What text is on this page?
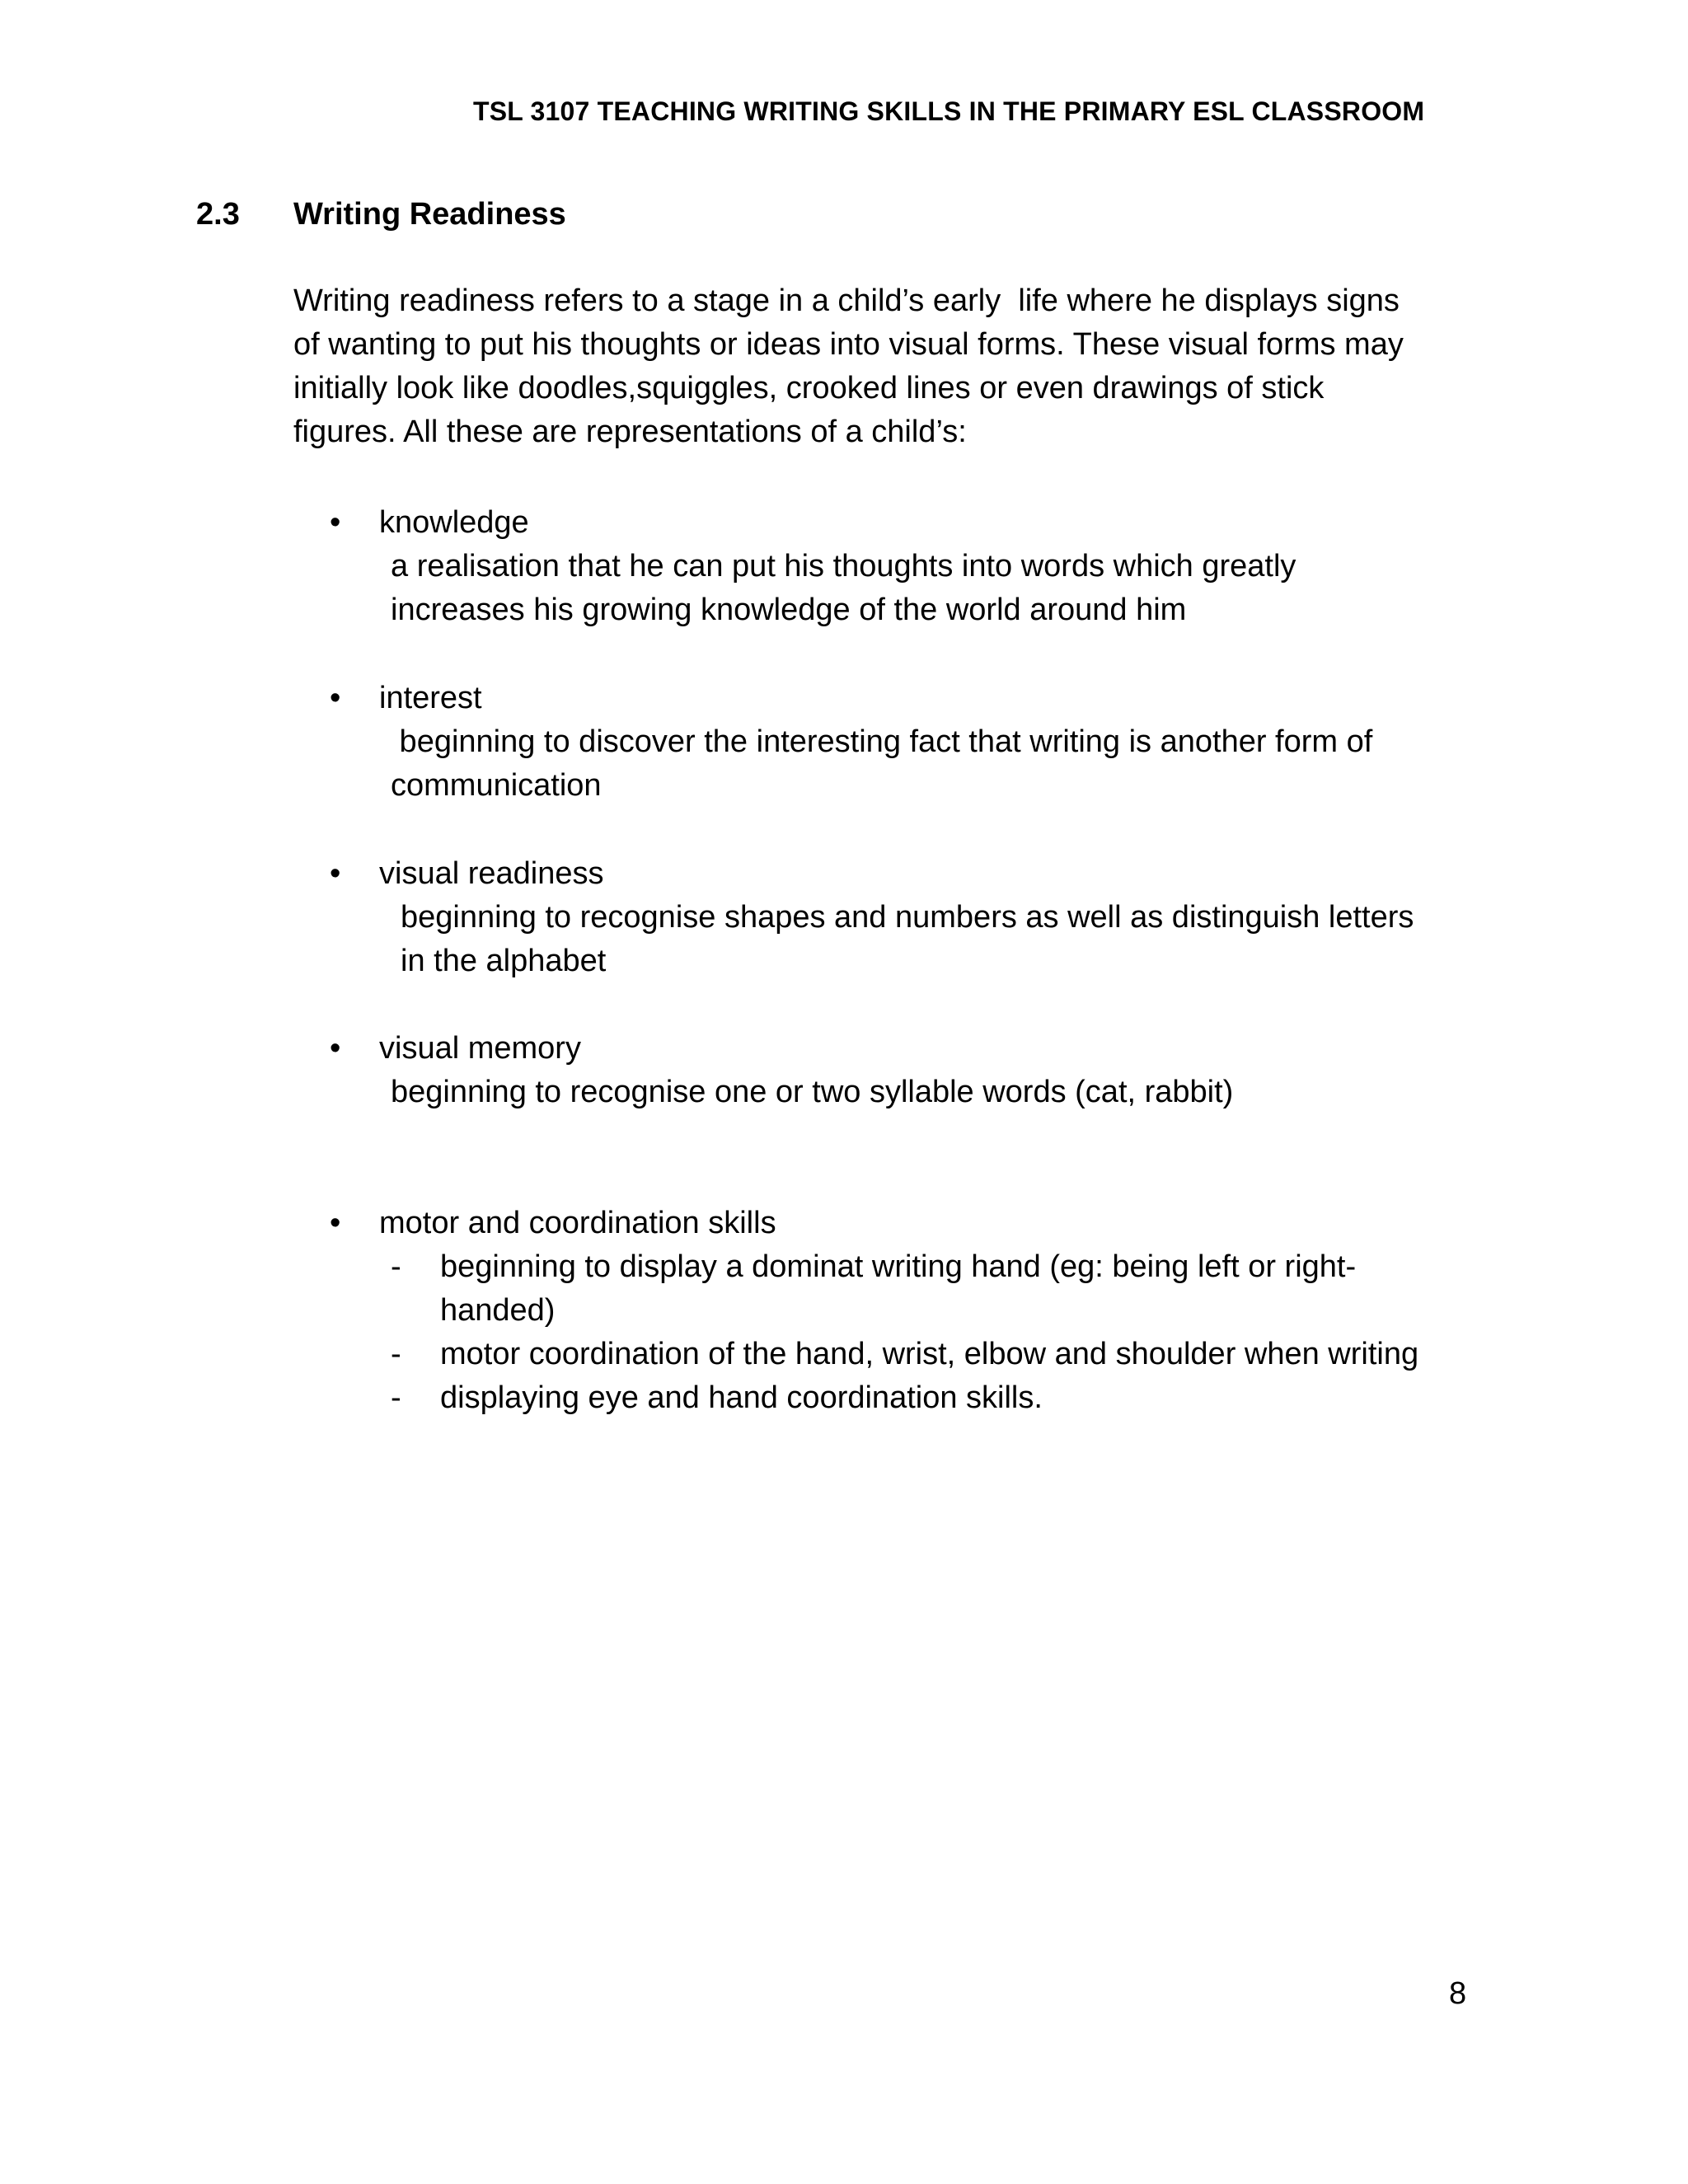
TSL 3107 TEACHING WRITING SKILLS IN THE PRIMARY ESL CLASSROOM
2.3 Writing Readiness
Writing readiness refers to a stage in a child’s early  life where he displays signs
of wanting to put his thoughts or ideas into visual forms. These visual forms may
initially look like doodles,squiggles, crooked lines or even drawings of stick
figures. All these are representations of a child’s:
• knowledge
a realisation that he can put his thoughts into words which greatly
increases his growing knowledge of the world around him
• interest
beginning to discover the interesting fact that writing is another form of
communication
• visual readiness
beginning to recognise shapes and numbers as well as distinguish letters
in the alphabet
• visual memory
beginning to recognise one or two syllable words (cat, rabbit)
• motor and coordination skills
- beginning to display a dominat writing hand (eg: being left or right-
handed)
- motor coordination of the hand, wrist, elbow and shoulder when writing
- displaying eye and hand coordination skills.
8
